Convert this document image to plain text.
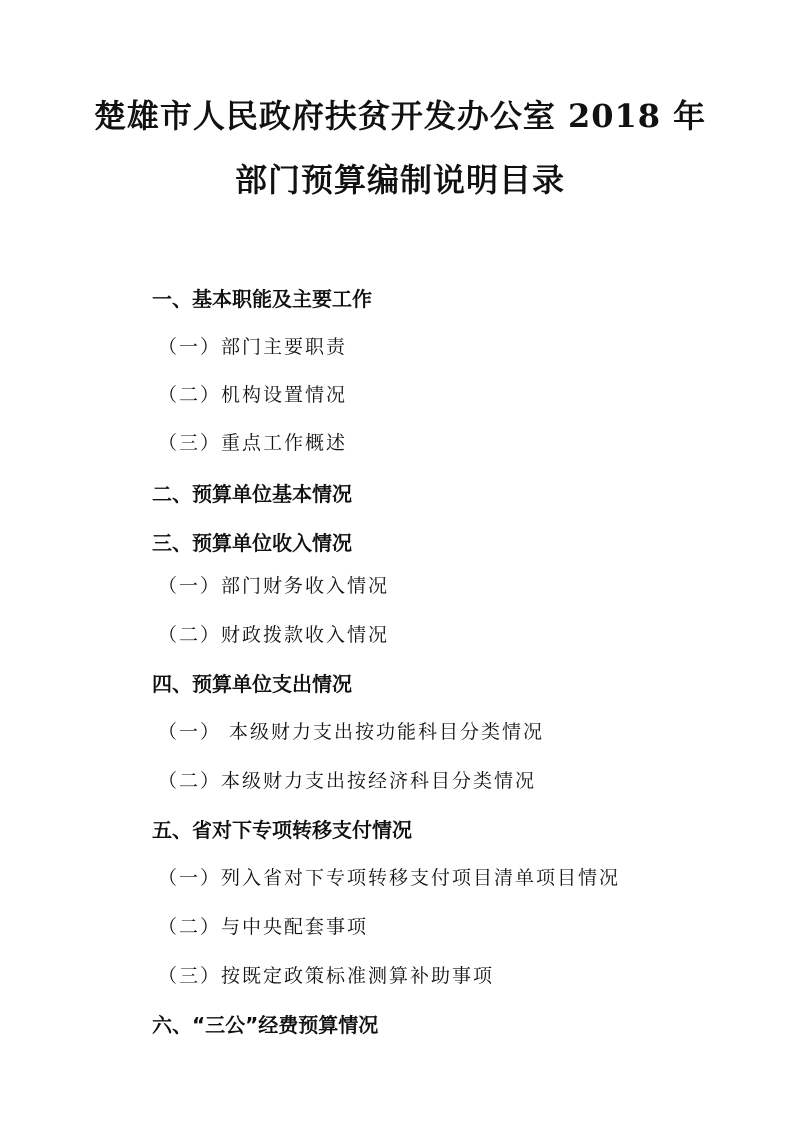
楚雄市人民政府扶贫开发办公室 2018 年
部门预算编制说明目录
一、基本职能及主要工作
（一）部门主要职责
（二）机构设置情况
（三）重点工作概述
二、预算单位基本情况
三、预算单位收入情况
（一）部门财务收入情况
（二）财政拨款收入情况
四、预算单位支出情况
（一） 本级财力支出按功能科目分类情况
（二）本级财力支出按经济科目分类情况
五、省对下专项转移支付情况
（一）列入省对下专项转移支付项目清单项目情况
（二）与中央配套事项
（三）按既定政策标准测算补助事项
六、“三公”经费预算情况
